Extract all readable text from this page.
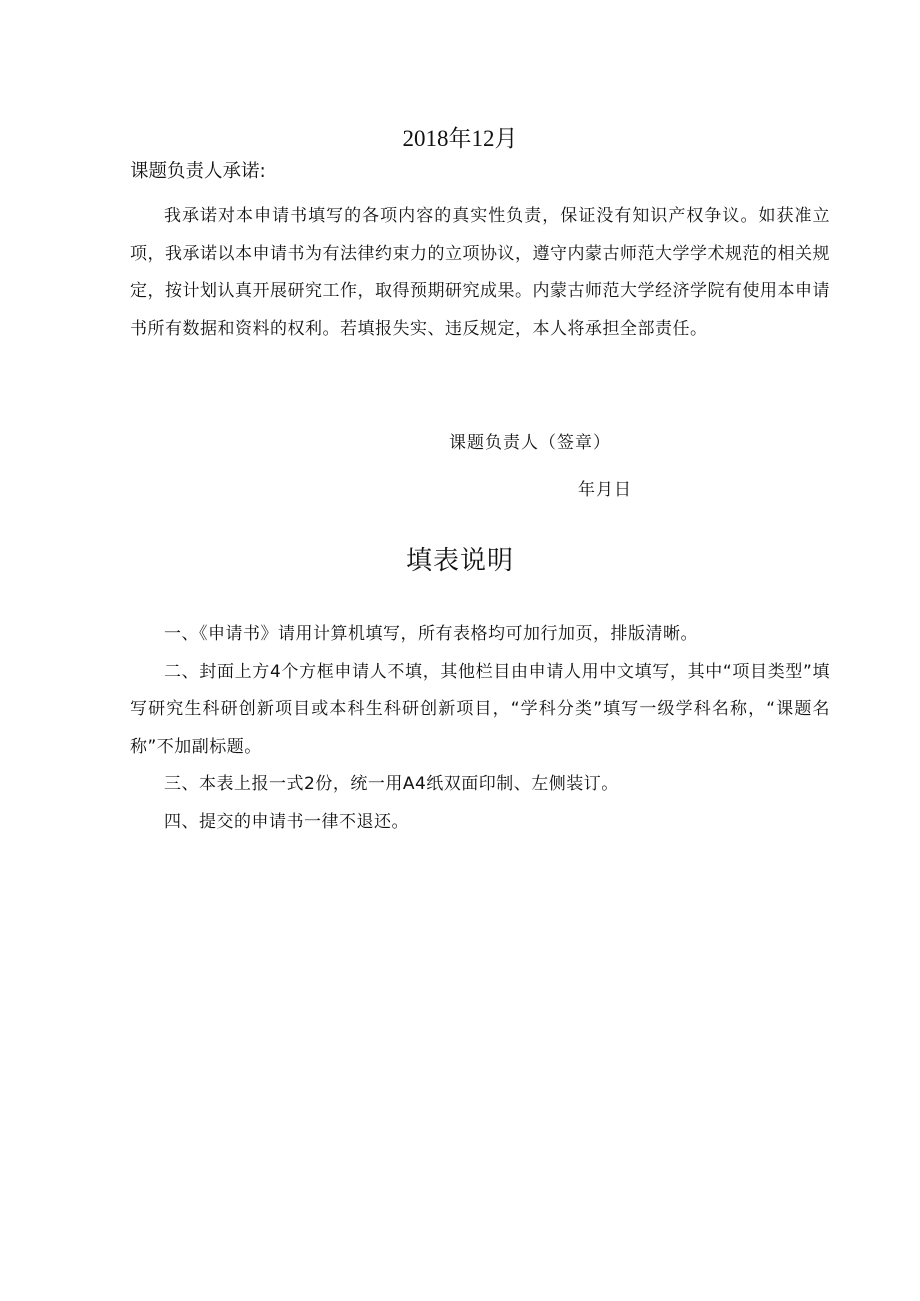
2018年12月
课题负责人承诺:

我承诺对本申请书填写的各项内容的真实性负责，保证没有知识产权争议。如获准立项，我承诺以本申请书为有法律约束力的立项协议，遵守内蒙古师范大学学术规范的相关规定，按计划认真开展研究工作，取得预期研究成果。内蒙古师范大学经济学院有使用本申请书所有数据和资料的权利。若填报失实、违反规定，本人将承担全部责任。

课题负责人（签章）
年月日
填表说明
一、《申请书》请用计算机填写，所有表格均可加行加页，排版清晰。
二、封面上方4个方框申请人不填，其他栏目由申请人用中文填写，其中“项目类型”填写研究生科研创新项目或本科生科研创新项目，“学科分类”填写一级学科名称，“课题名称”不加副标题。
三、本表上报一式2份，统一用A4纸双面印制、左侧装订。
四、提交的申请书一律不退还。
